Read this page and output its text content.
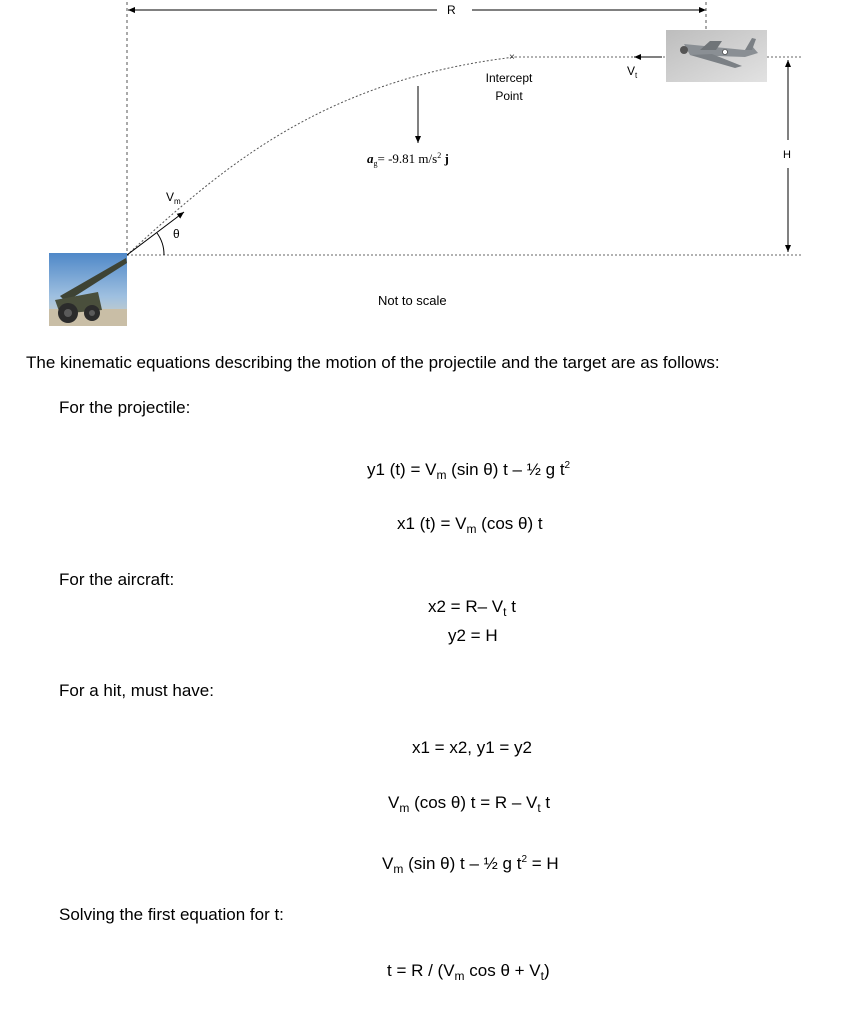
×
R
$V_t$
Intercept
Point
$a_g= -9.81$ $m/s^2$ j	H
$V_m$
θ
Not to scale
The kinematic equations describing the motion of the projectile and the target are as follows:
For the projectile:
y1 $(t) = V_m$ (sin θ) t – ½ g $t^2$
x1 $(t) = V_m$ (cos θ) t
For the aircraft:
x2 = R– $V_t$ t
y2 = H
For a hit, must have:
x1 = x2, y1 = y2
$V_m$ (cos θ) $t = R - V_t$ t
$V_m$ (sin θ) t – ½ g $t^2 = H$
Solving the first equation for t:
$t = R / (V_m$ $\cos \theta + V_t$)
